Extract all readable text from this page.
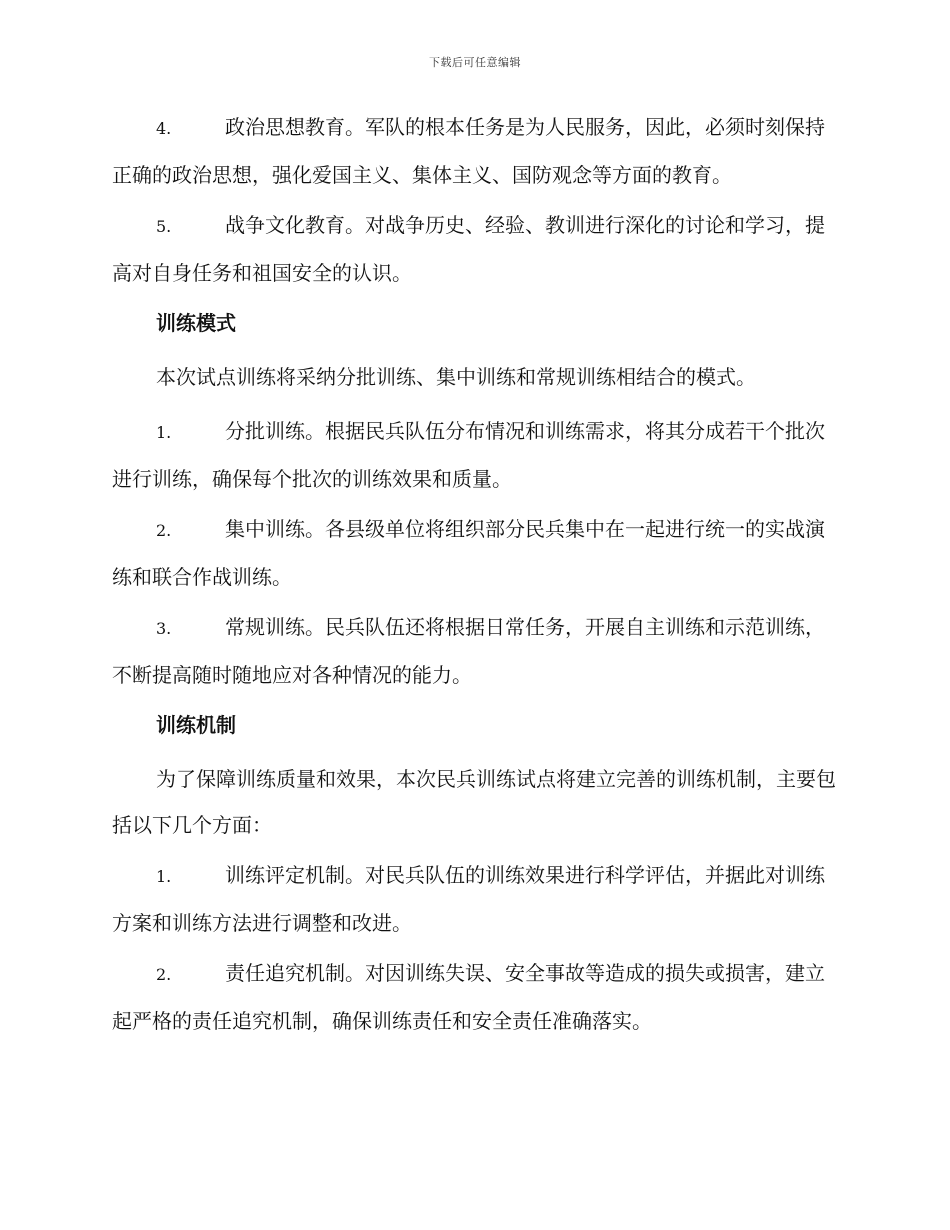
下载后可任意编辑

4.	政治思想教育。军队的根本任务是为人民服务，因此，必须时刻保持正确的政治思想，强化爱国主义、集体主义、国防观念等方面的教育。

5.	战争文化教育。对战争历史、经验、教训进行深化的讨论和学习，提高对自身任务和祖国安全的认识。

训练模式

本次试点训练将采纳分批训练、集中训练和常规训练相结合的模式。

1.	分批训练。根据民兵队伍分布情况和训练需求，将其分成若干个批次进行训练，确保每个批次的训练效果和质量。

2.	集中训练。各县级单位将组织部分民兵集中在一起进行统一的实战演练和联合作战训练。

3.	常规训练。民兵队伍还将根据日常任务，开展自主训练和示范训练，不断提高随时随地应对各种情况的能力。

训练机制

为了保障训练质量和效果，本次民兵训练试点将建立完善的训练机制，主要包括以下几个方面：

1.	训练评定机制。对民兵队伍的训练效果进行科学评估，并据此对训练方案和训练方法进行调整和改进。

2.	责任追究机制。对因训练失误、安全事故等造成的损失或损害，建立起严格的责任追究机制，确保训练责任和安全责任准确落实。
